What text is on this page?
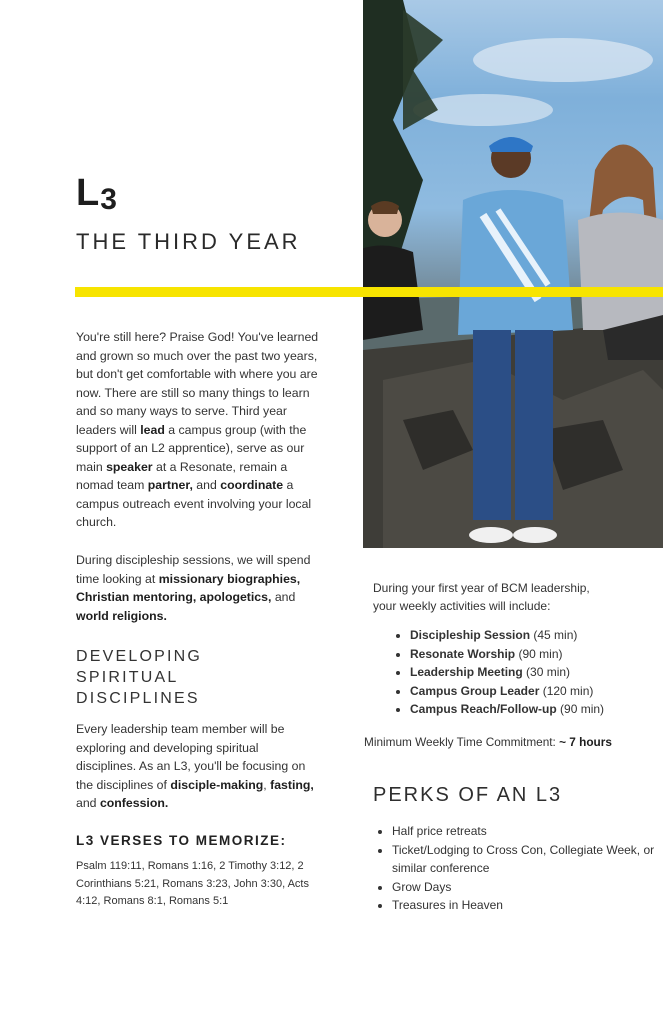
L3
THE THIRD YEAR
You're still here? Praise God! You've learned and grown so much over the past two years, but don't get comfortable with where you are now. There are still so many things to learn and so many ways to serve. Third year leaders will lead a campus group (with the support of an L2 apprentice), serve as our main speaker at a Resonate, remain a nomad team partner, and coordinate a campus outreach event involving your local church.
During discipleship sessions, we will spend time looking at missionary biographies, Christian mentoring, apologetics, and world religions.
DEVELOPING
SPIRITUAL
DISCIPLINES
Every leadership team member will be exploring and developing spiritual disciplines. As an L3, you'll be focusing on the disciplines of disciple-making, fasting, and confession.
L3 VERSES TO MEMORIZE:
Psalm 119:11, Romans 1:16, 2 Timothy 3:12, 2 Corinthians 5:21, Romans 3:23, John 3:30, Acts 4:12, Romans 8:1, Romans 5:1
During your first year of BCM leadership, your weekly activities will include:
• Discipleship Session (45 min)
• Resonate Worship (90 min)
• Leadership Meeting (30 min)
• Campus Group Leader (120 min)
• Campus Reach/Follow-up (90 min)
Minimum Weekly Time Commitment: ~ 7 hours
PERKS OF AN L3
• Half price retreats
• Ticket/Lodging to Cross Con, Collegiate Week, or similar conference
• Grow Days
• Treasures in Heaven
